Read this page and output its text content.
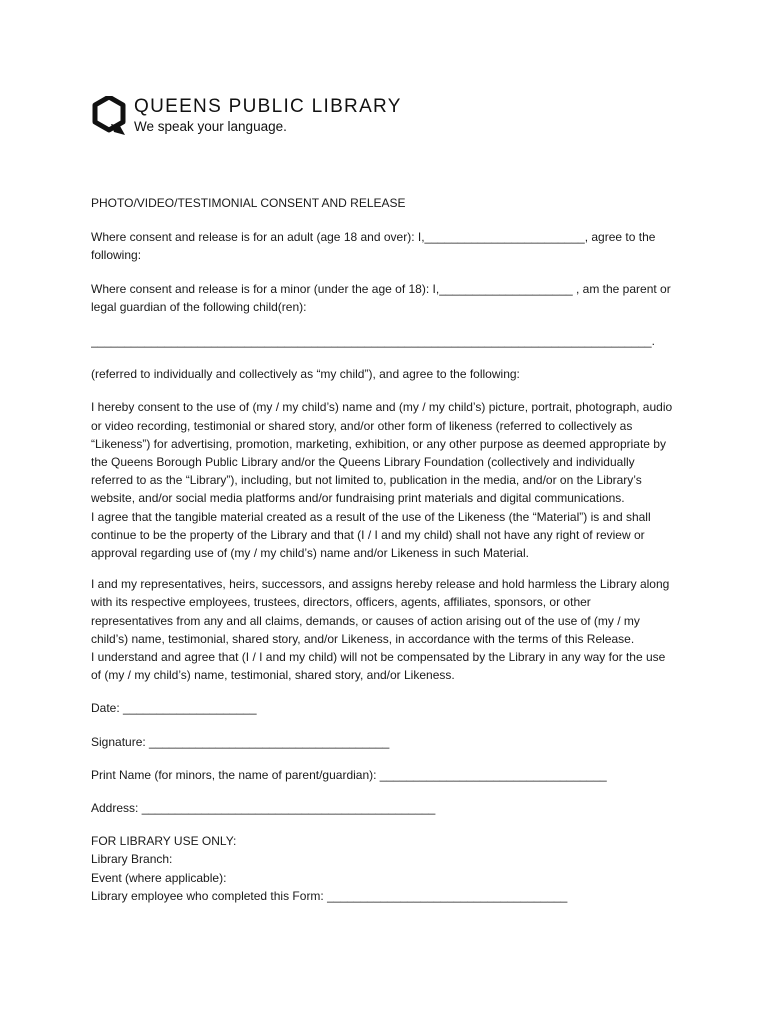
QUEENS PUBLIC LIBRARY
We speak your language.

PHOTO/VIDEO/TESTIMONIAL CONSENT AND RELEASE

Where consent and release is for an adult (age 18 and over): I,________________________, agree to the following:

Where consent and release is for a minor (under the age of 18): I,____________________ , am the parent or legal guardian of the following child(ren):

____________________________________________________________________________________.

(referred to individually and collectively as “my child”), and agree to the following:

I hereby consent to the use of (my / my child’s) name and (my / my child’s) picture, portrait, photograph, audio or video recording, testimonial or shared story, and/or other form of likeness (referred to collectively as “Likeness”) for advertising, promotion, marketing, exhibition, or any other purpose as deemed appropriate by the Queens Borough Public Library and/or the Queens Library Foundation (collectively and individually referred to as the “Library”), including, but not limited to, publication in the media, and/or on the Library’s website, and/or social media platforms and/or fundraising print materials and digital communications.

I agree that the tangible material created as a result of the use of the Likeness (the “Material”) is and shall continue to be the property of the Library and that (I / I and my child) shall not have any right of review or approval regarding use of (my / my child’s) name and/or Likeness in such Material.

I and my representatives, heirs, successors, and assigns hereby release and hold harmless the Library along with its respective employees, trustees, directors, officers, agents, affiliates, sponsors, or other representatives from any and all claims, demands, or causes of action arising out of the use of (my / my child’s) name, testimonial, shared story, and/or Likeness, in accordance with the terms of this Release.

I understand and agree that (I / I and my child) will not be compensated by the Library in any way for the use of (my / my child’s) name, testimonial, shared story, and/or Likeness.

Date: ____________________

Signature: ____________________________________

Print Name (for minors, the name of parent/guardian): __________________________________

Address: ____________________________________________

FOR LIBRARY USE ONLY:

Library Branch:

Event (where applicable):

Library employee who completed this Form: ____________________________________
